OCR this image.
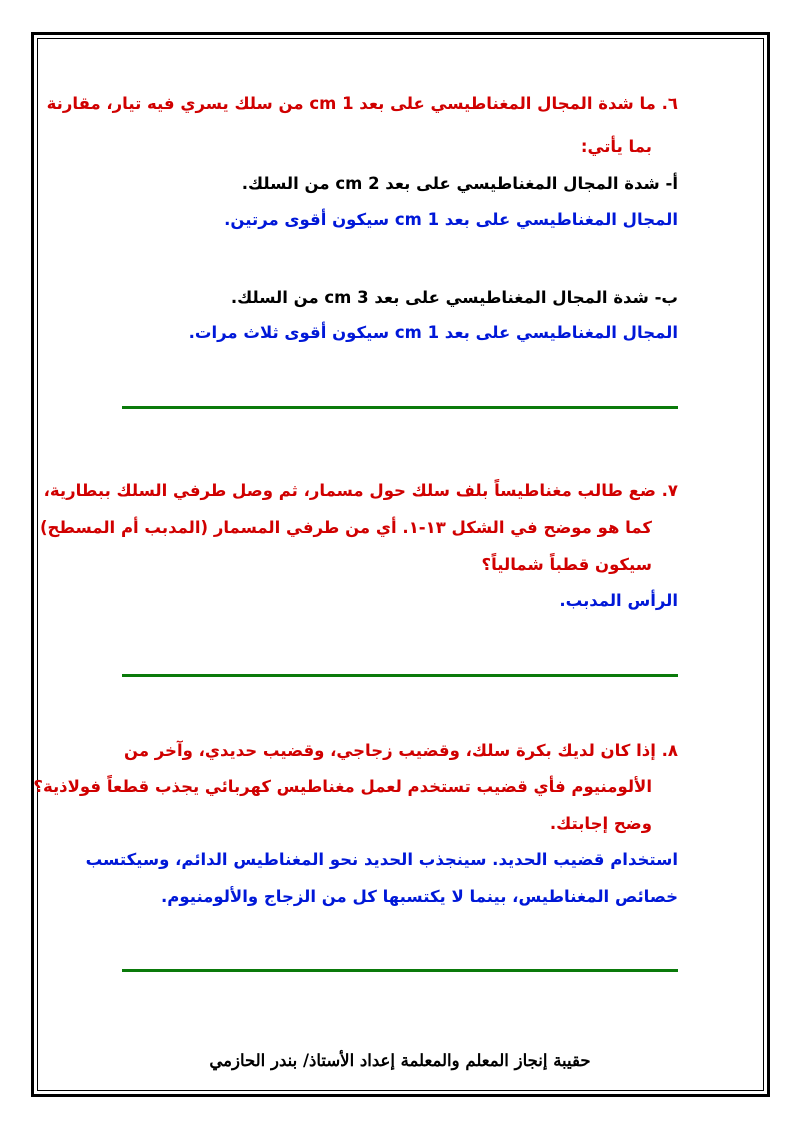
٦. ما شدة المجال المغناطيسي على بعد 1 cm من سلك يسري فيه تيار، مقارنة
بما يأتي:
أ- شدة المجال المغناطيسي على بعد 2 cm من السلك.
المجال المغناطيسي على بعد 1 cm سيكون أقوى مرتين.
ب- شدة المجال المغناطيسي على بعد 3 cm من السلك.
المجال المغناطيسي على بعد 1 cm سيكون أقوى ثلاث مرات.
٧. ضع طالب مغناطيساً بلف سلك حول مسمار، ثم وصل طرفي السلك ببطارية،
كما هو موضح في الشكل ١٣-١. أي من طرفي المسمار (المدبب أم المسطح)
سيكون قطباً شمالياً؟
الرأس المدبب.
٨. إذا كان لديك بكرة سلك، وقضيب زجاجي، وقضيب حديدي، وآخر من
الألومنيوم فأي قضيب تستخدم لعمل مغناطيس كهربائي يجذب قطعاً فولاذية؟
وضح إجابتك.
استخدام قضيب الحديد. سينجذب الحديد نحو المغناطيس الدائم، وسيكتسب
خصائص المغناطيس، بينما لا يكتسبها كل من الزجاج والألومنيوم.
حقيبة إنجاز المعلم والمعلمة إعداد الأستاذ/ بندر الحازمي
